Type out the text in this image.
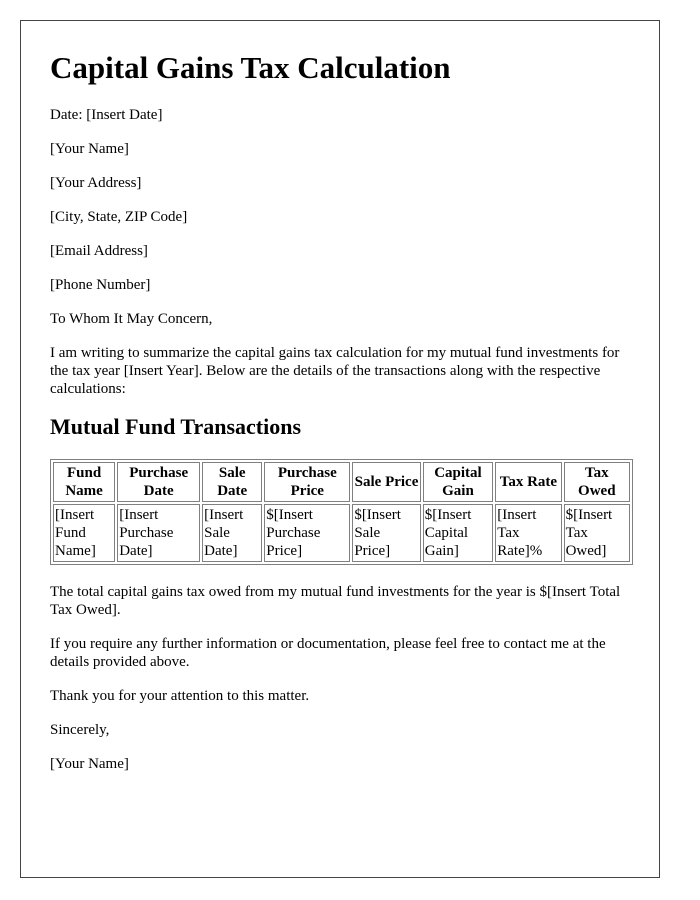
Capital Gains Tax Calculation

Date: [Insert Date]

[Your Name]

[Your Address]

[City, State, ZIP Code]

[Email Address]

[Phone Number]

To Whom It May Concern,

I am writing to summarize the capital gains tax calculation for my mutual fund investments for the tax year [Insert Year]. Below are the details of the transactions along with the respective calculations:

Mutual Fund Transactions
Fund Name	Purchase Date	Sale Date	Purchase Price	Sale Price	Capital Gain	Tax Rate	Tax Owed
[Insert Fund Name]	[Insert Purchase Date]	[Insert Sale Date]	$[Insert Purchase Price]	$[Insert Sale Price]	$[Insert Capital Gain]	[Insert Tax Rate]%	$[Insert Tax Owed]

The total capital gains tax owed from my mutual fund investments for the year is $[Insert Total Tax Owed].

If you require any further information or documentation, please feel free to contact me at the details provided above.

Thank you for your attention to this matter.

Sincerely,

[Your Name]
